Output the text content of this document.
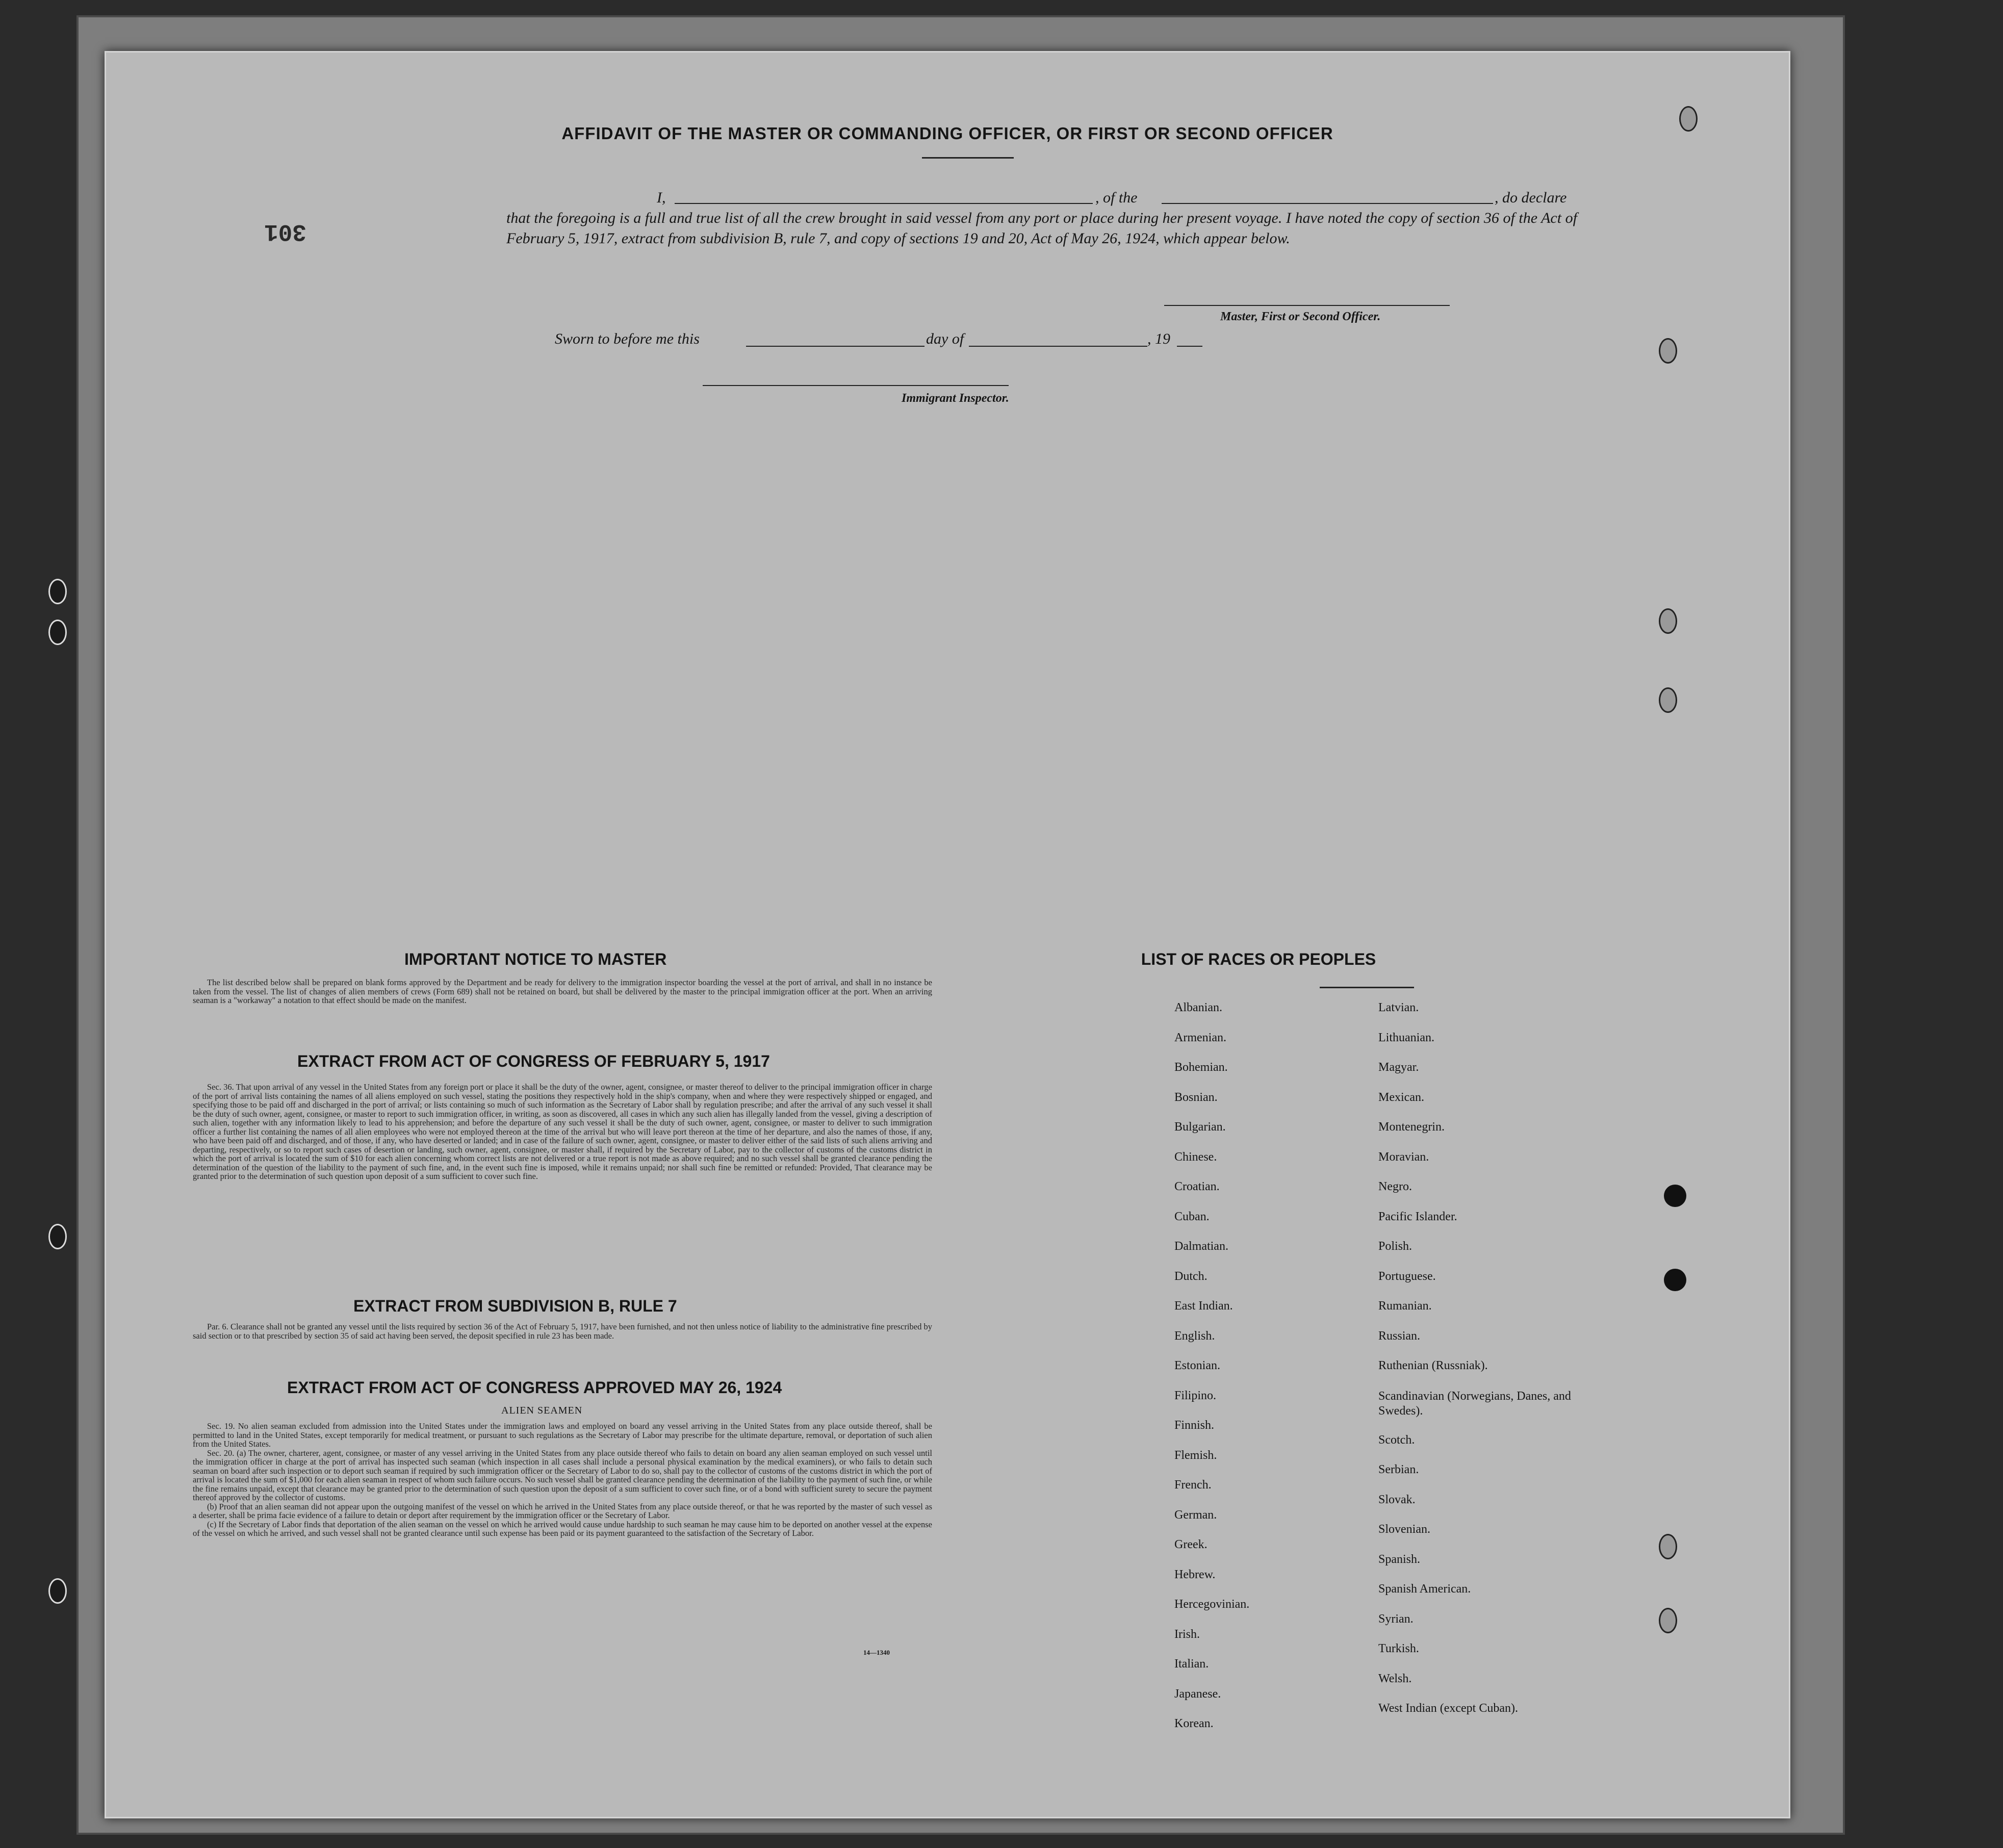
301
AFFIDAVIT OF THE MASTER OR COMMANDING OFFICER, OR FIRST OR SECOND OFFICER
I,	, of the	, do declare
that the foregoing is a full and true list of all the crew brought in said vessel from any port or place during her present voyage. I have noted the copy of section 36 of the Act of February 5, 1917, extract from subdivision B, rule 7, and copy of sections 19 and 20, Act of May 26, 1924, which appear below.
Master, First or Second Officer.
Sworn to before me this	day of	, 19
Immigrant Inspector.
IMPORTANT NOTICE TO MASTER

The list described below shall be prepared on blank forms approved by the Department and be ready for delivery to the immigration inspector boarding the vessel at the port of arrival, and shall in no instance be taken from the vessel. The list of changes of alien members of crews (Form 689) shall not be retained on board, but shall be delivered by the master to the principal immigration officer at the port. When an arriving seaman is a "workaway" a notation to that effect should be made on the manifest.

EXTRACT FROM ACT OF CONGRESS OF FEBRUARY 5, 1917

Sec. 36. That upon arrival of any vessel in the United States from any foreign port or place it shall be the duty of the owner, agent, consignee, or master thereof to deliver to the principal immigration officer in charge of the port of arrival lists containing the names of all aliens employed on such vessel, stating the positions they respectively hold in the ship's company, when and where they were respectively shipped or engaged, and specifying those to be paid off and discharged in the port of arrival; or lists containing so much of such information as the Secretary of Labor shall by regulation prescribe; and after the arrival of any such vessel it shall be the duty of such owner, agent, consignee, or master to report to such immigration officer, in writing, as soon as discovered, all cases in which any such alien has illegally landed from the vessel, giving a description of such alien, together with any information likely to lead to his apprehension; and before the departure of any such vessel it shall be the duty of such owner, agent, consignee, or master to deliver to such immigration officer a further list containing the names of all alien employees who were not employed thereon at the time of the arrival but who will leave port thereon at the time of her departure, and also the names of those, if any, who have been paid off and discharged, and of those, if any, who have deserted or landed; and in case of the failure of such owner, agent, consignee, or master to deliver either of the said lists of such aliens arriving and departing, respectively, or so to report such cases of desertion or landing, such owner, agent, consignee, or master shall, if required by the Secretary of Labor, pay to the collector of customs of the customs district in which the port of arrival is located the sum of $10 for each alien concerning whom correct lists are not delivered or a true report is not made as above required; and no such vessel shall be granted clearance pending the determination of the question of the liability to the payment of such fine, and, in the event such fine is imposed, while it remains unpaid; nor shall such fine be remitted or refunded: Provided, That clearance may be granted prior to the determination of such question upon deposit of a sum sufficient to cover such fine.

EXTRACT FROM SUBDIVISION B, RULE 7

Par. 6. Clearance shall not be granted any vessel until the lists required by section 36 of the Act of February 5, 1917, have been furnished, and not then unless notice of liability to the administrative fine prescribed by said section or to that prescribed by section 35 of said act having been served, the deposit specified in rule 23 has been made.

EXTRACT FROM ACT OF CONGRESS APPROVED MAY 26, 1924
ALIEN SEAMEN

Sec. 19. No alien seaman excluded from admission into the United States under the immigration laws and employed on board any vessel arriving in the United States from any place outside thereof, shall be permitted to land in the United States, except temporarily for medical treatment, or pursuant to such regulations as the Secretary of Labor may prescribe for the ultimate departure, removal, or deportation of such alien from the United States.

Sec. 20. (a) The owner, charterer, agent, consignee, or master of any vessel arriving in the United States from any place outside thereof who fails to detain on board any alien seaman employed on such vessel until the immigration officer in charge at the port of arrival has inspected such seaman (which inspection in all cases shall include a personal physical examination by the medical examiners), or who fails to detain such seaman on board after such inspection or to deport such seaman if required by such immigration officer or the Secretary of Labor to do so, shall pay to the collector of customs of the customs district in which the port of arrival is located the sum of $1,000 for each alien seaman in respect of whom such failure occurs. No such vessel shall be granted clearance pending the determination of the liability to the payment of such fine, or while the fine remains unpaid, except that clearance may be granted prior to the determination of such question upon the deposit of a sum sufficient to cover such fine, or of a bond with sufficient surety to secure the payment thereof approved by the collector of customs.

(b) Proof that an alien seaman did not appear upon the outgoing manifest of the vessel on which he arrived in the United States from any place outside thereof, or that he was reported by the master of such vessel as a deserter, shall be prima facie evidence of a failure to detain or deport after requirement by the immigration officer or the Secretary of Labor.

(c) If the Secretary of Labor finds that deportation of the alien seaman on the vessel on which he arrived would cause undue hardship to such seaman he may cause him to be deported on another vessel at the expense of the vessel on which he arrived, and such vessel shall not be granted clearance until such expense has been paid or its payment guaranteed to the satisfaction of the Secretary of Labor.

14—1340
LIST OF RACES OR PEOPLES
Albanian.
Armenian.
Bohemian.
Bosnian.
Bulgarian.
Chinese.
Croatian.
Cuban.
Dalmatian.
Dutch.
East Indian.
English.
Estonian.
Filipino.
Finnish.
Flemish.
French.
German.
Greek.
Hebrew.
Hercegovinian.
Irish.
Italian.
Japanese.
Korean.
Latvian.
Lithuanian.
Magyar.
Mexican.
Montenegrin.
Moravian.
Negro.
Pacific Islander.
Polish.
Portuguese.
Rumanian.
Russian.
Ruthenian (Russniak).
Scandinavian (Norwegians, Danes, and Swedes).
Scotch.
Serbian.
Slovak.
Slovenian.
Spanish.
Spanish American.
Syrian.
Turkish.
Welsh.
West Indian (except Cuban).
